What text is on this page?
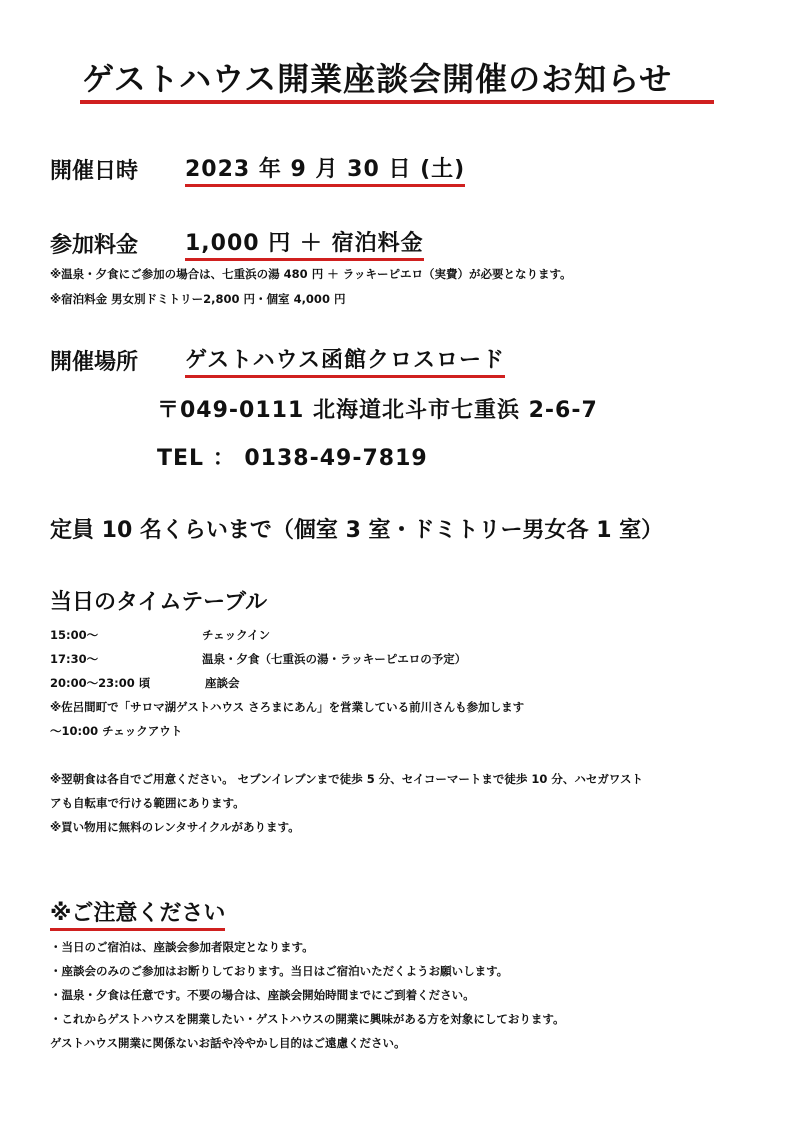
ゲストハウス開業座談会開催のお知らせ
開催日時 2023 年 9 月 30 日 (土)
参加料金 1,000 円 ＋ 宿泊料金
※温泉・夕食にご参加の場合は、七重浜の湯 480 円 ＋ ラッキーピエロ（実費）が必要となります。
※宿泊料金 男女別ドミトリー2,800 円・個室 4,000 円
開催場所 ゲストハウス函館クロスロード
〒049-0111 北海道北斗市七重浜 2-6-7
TEL ： 0138-49-7819
定員 10 名くらいまで（個室 3 室・ドミトリー男女各 1 室）
当日のタイムテーブル
15:00〜	チェックイン
17:30〜	温泉・夕食（七重浜の湯・ラッキーピエロの予定）
20:00〜23:00 頃	座談会
※佐呂間町で「サロマ湖ゲストハウス さろまにあん」を営業している前川さんも参加します
〜10:00 チェックアウト
※翌朝食は各自でご用意ください。 セブンイレブンまで徒歩 5 分、セイコーマートまで徒歩 10 分、ハセガワスト
アも自転車で行ける範囲にあります。
※買い物用に無料のレンタサイクルがあります。
※ご注意ください
・当日のご宿泊は、座談会参加者限定となります。
・座談会のみのご参加はお断りしております。当日はご宿泊いただくようお願いします。
・温泉・夕食は任意です。不要の場合は、座談会開始時間までにご到着ください。
・これからゲストハウスを開業したい・ゲストハウスの開業に興味がある方を対象にしております。
ゲストハウス開業に関係ないお話や冷やかし目的はご遠慮ください。
